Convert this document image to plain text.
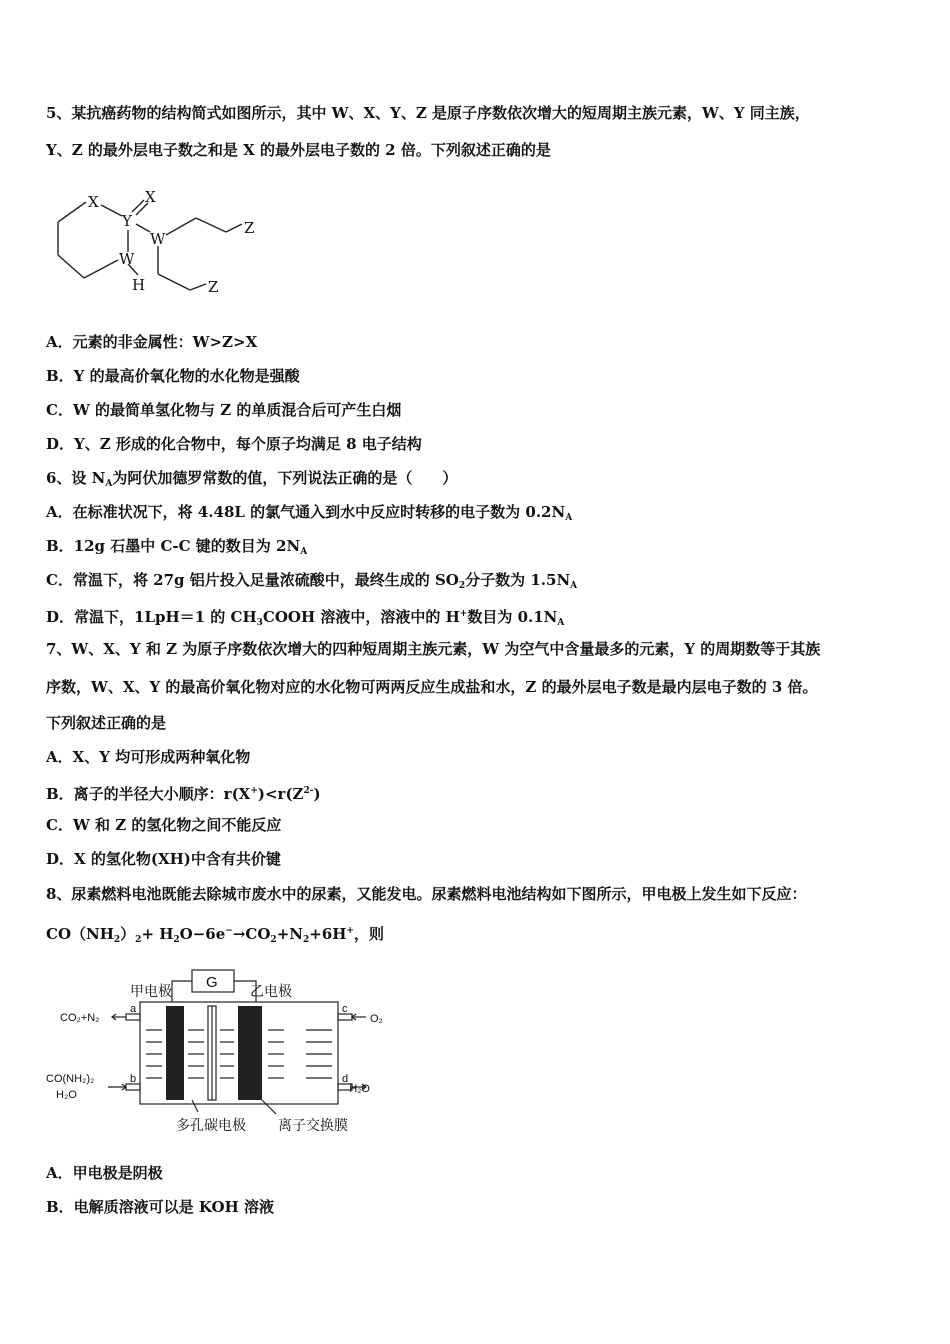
5、某抗癌药物的结构简式如图所示，其中 W、X、Y、Z 是原子序数依次增大的短周期主族元素，W、Y 同主族，
Y、Z 的最外层电子数之和是 X 的最外层电子数的 2 倍。下列叙述正确的是
X	X
Y
W
W
H
Z
Z
A．元素的非金属性：W>Z>X
B．Y 的最高价氧化物的水化物是强酸
C．W 的最简单氢化物与 Z 的单质混合后可产生白烟
D．Y、Z 形成的化合物中，每个原子均满足 8 电子结构
6、设 $N_A$为阿伏加德罗常数的值，下列说法正确的是（　　）
A．在标准状况下，将 4.48L 的氯气通入到水中反应时转移的电子数为 $0.2N_A$
B．12g 石墨中 C-C 键的数目为 $2N_A$
C．常温下，将 27g 铝片投入足量浓硫酸中，最终生成的 $SO_2$分子数为 $1.5N_A$
D．常温下，1LpH＝1 的 $CH_3COOH$ 溶液中，溶液中的 H+数目为 $0.1N_A$
7、W、X、Y 和 Z 为原子序数依次增大的四种短周期主族元素，W 为空气中含量最多的元素，Y 的周期数等于其族
序数，W、X、Y 的最高价氧化物对应的水化物可两两反应生成盐和水，Z 的最外层电子数是最内层电子数的 3 倍。
下列叙述正确的是
A．X、Y 均可形成两种氧化物
B．离子的半径大小顺序：$r(X^+)<r(Z^{2-})$
C．W 和 Z 的氢化物之间不能反应
D．X 的氢化物(XH)中含有共价键
8、尿素燃料电池既能去除城市废水中的尿素，又能发电。尿素燃料电池结构如下图所示，甲电极上发生如下反应：
$CO(NH_2)_2+ H_2O-6e^-\to CO_2+N_2+6H^+$，则
G
甲电极	乙电极
a
b
c
d
CO₂+N₂
CO(NH₂)₂
H₂O
O₂
H₂O
多孔碳电极 离子交换膜
A．甲电极是阴极
B．电解质溶液可以是 KOH 溶液
